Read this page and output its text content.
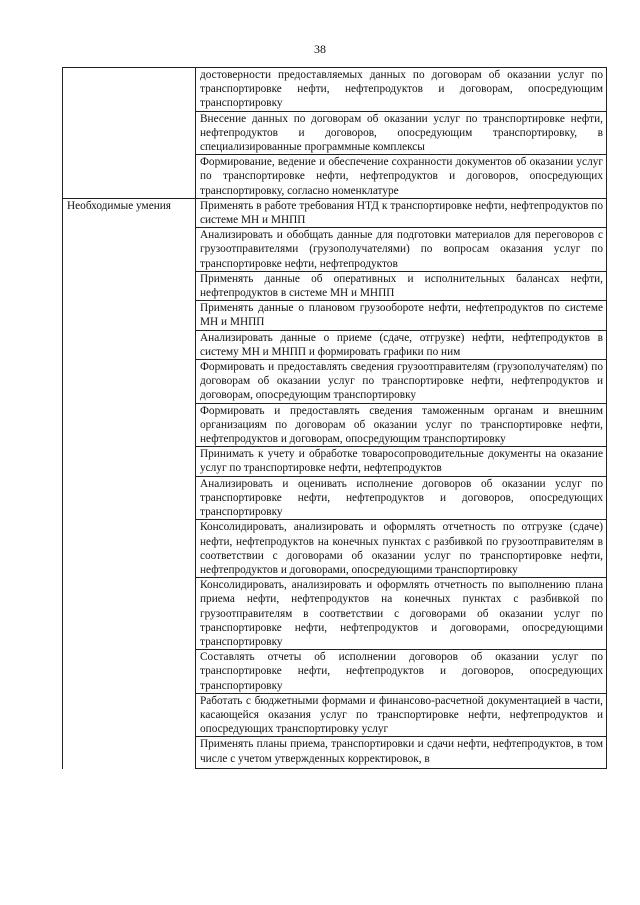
38
	достоверности предоставляемых данных по договорам об оказании услуг по транспортировке нефти, нефтепродуктов и договорам, опосредующим транспортировку
	Внесение данных по договорам об оказании услуг по транспортировке нефти, нефтепродуктов и договоров, опосредующим транспортировку, в специализированные программные комплексы
	Формирование, ведение и обеспечение сохранности документов об оказании услуг по транспортировке нефти, нефтепродуктов и договоров, опосредующих транспортировку, согласно номенклатуре
Необходимые умения	Применять в работе требования НТД к транспортировке нефти, нефтепродуктов по системе МН и МНПП
	Анализировать и обобщать данные для подготовки материалов для переговоров с грузоотправителями (грузополучателями) по вопросам оказания услуг по транспортировке нефти, нефтепродуктов
	Применять данные об оперативных и исполнительных балансах нефти, нефтепродуктов в системе МН и МНПП
	Применять данные о плановом грузообороте нефти, нефтепродуктов по системе МН и МНПП
	Анализировать данные о приеме (сдаче, отгрузке) нефти, нефтепродуктов в систему МН и МНПП и формировать графики по ним
	Формировать и предоставлять сведения грузоотправителям (грузополучателям) по договорам об оказании услуг по транспортировке нефти, нефтепродуктов и договорам, опосредующим транспортировку
	Формировать и предоставлять сведения таможенным органам и внешним организациям по договорам об оказании услуг по транспортировке нефти, нефтепродуктов и договорам, опосредующим транспортировку
	Принимать к учету и обработке товаросопроводительные документы на оказание услуг по транспортировке нефти, нефтепродуктов
	Анализировать и оценивать исполнение договоров об оказании услуг по транспортировке нефти, нефтепродуктов и договоров, опосредующих транспортировку
	Консолидировать, анализировать и оформлять отчетность по отгрузке (сдаче) нефти, нефтепродуктов на конечных пунктах с разбивкой по грузоотправителям в соответствии с договорами об оказании услуг по транспортировке нефти, нефтепродуктов и договорами, опосредующими транспортировку
	Консолидировать, анализировать и оформлять отчетность по выполнению плана приема нефти, нефтепродуктов на конечных пунктах с разбивкой по грузоотправителям в соответствии с договорами об оказании услуг по транспортировке нефти, нефтепродуктов и договорами, опосредующими транспортировку
	Составлять отчеты об исполнении договоров об оказании услуг по транспортировке нефти, нефтепродуктов и договоров, опосредующих транспортировку
	Работать с бюджетными формами и финансово-расчетной документацией в части, касающейся оказания услуг по транспортировке нефти, нефтепродуктов и опосредующих транспортировку услуг
	Применять планы приема, транспортировки и сдачи нефти, нефтепродуктов, в том числе с учетом утвержденных корректировок, в
